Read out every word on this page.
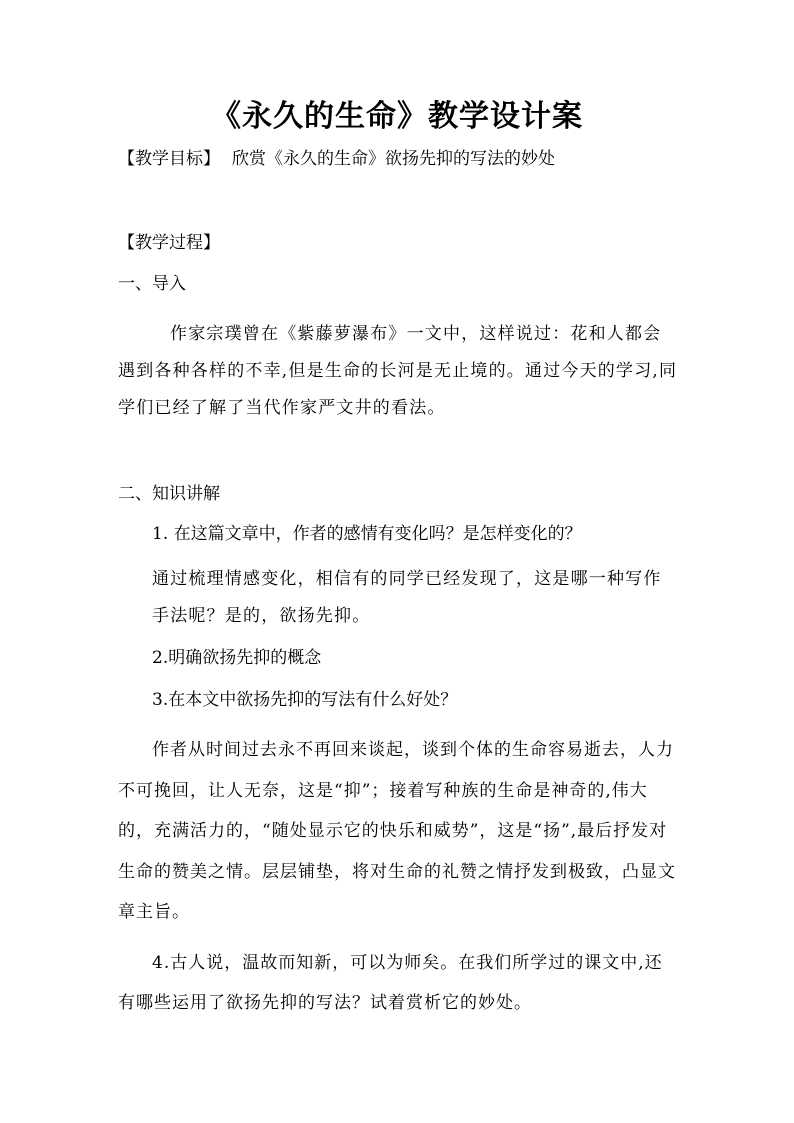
《永久的生命》教学设计案
【教学目标】 欣赏《永久的生命》欲扬先抑的写法的妙处
【教学过程】
一、导入
作家宗璞曾在《紫藤萝瀑布》一文中，这样说过：花和人都会遇到各种各样的不幸,但是生命的长河是无止境的。通过今天的学习,同学们已经了解了当代作家严文井的看法。
二、知识讲解
1. 在这篇文章中，作者的感情有变化吗？是怎样变化的？
通过梳理情感变化，相信有的同学已经发现了，这是哪一种写作手法呢？是的，欲扬先抑。
2.明确欲扬先抑的概念
3.在本文中欲扬先抑的写法有什么好处？
作者从时间过去永不再回来谈起，谈到个体的生命容易逝去，人力不可挽回，让人无奈，这是“抑”；接着写种族的生命是神奇的,伟大的，充满活力的，“随处显示它的快乐和威势”，这是“扬”,最后抒发对生命的赞美之情。层层铺垫，将对生命的礼赞之情抒发到极致，凸显文章主旨。
4.古人说，温故而知新，可以为师矣。在我们所学过的课文中,还有哪些运用了欲扬先抑的写法？试着赏析它的妙处。
